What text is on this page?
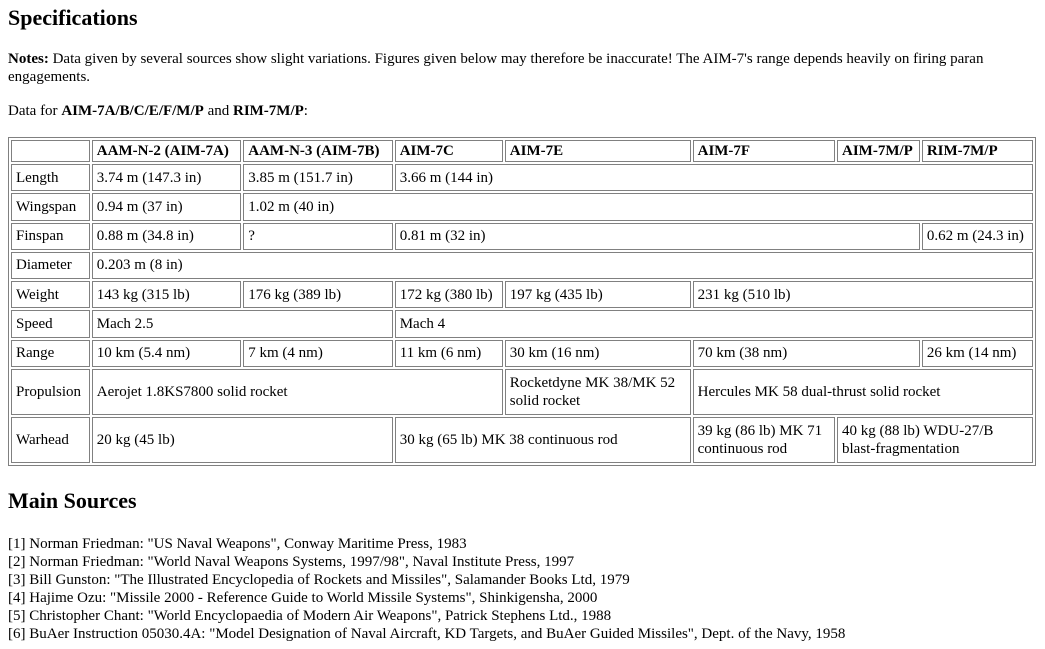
Specifications

Notes: Data given by several sources show slight variations. Figures given below may therefore be inaccurate! The AIM-7's range depends heavily on firing paran
engagements.

Data for AIM-7A/B/C/E/F/M/P and RIM-7M/P:

	AAM-N-2 (AIM-7A)	AAM-N-3 (AIM-7B)	AIM-7C	AIM-7E	AIM-7F	AIM-7M/P	RIM-7M/P
Length	3.74 m (147.3 in)	3.85 m (151.7 in)	3.66 m (144 in)				
Wingspan	0.94 m (37 in)	1.02 m (40 in)					
Finspan	0.88 m (34.8 in)	?	0.81 m (32 in)				0.62 m (24.3 in)
Diameter	0.203 m (8 in)						
Weight	143 kg (315 lb)	176 kg (389 lb)	172 kg (380 lb)	197 kg (435 lb)	231 kg (510 lb)		
Speed	Mach 2.5		Mach 4				
Range	10 km (5.4 nm)	7 km (4 nm)	11 km (6 nm)	30 km (16 nm)	70 km (38 nm)		26 km (14 nm)
Propulsion	Aerojet 1.8KS7800 solid rocket			Rocketdyne MK 38/MK 52 solid rocket	Hercules MK 58 dual-thrust solid rocket		
Warhead	20 kg (45 lb)		30 kg (65 lb) MK 38 continuous rod		39 kg (86 lb) MK 71 continuous rod	40 kg (88 lb) WDU-27/B blast-fragmentation	
Main Sources
[1] Norman Friedman: "US Naval Weapons", Conway Maritime Press, 1983
[2] Norman Friedman: "World Naval Weapons Systems, 1997/98", Naval Institute Press, 1997
[3] Bill Gunston: "The Illustrated Encyclopedia of Rockets and Missiles", Salamander Books Ltd, 1979
[4] Hajime Ozu: "Missile 2000 - Reference Guide to World Missile Systems", Shinkigensha, 2000
[5] Christopher Chant: "World Encyclopaedia of Modern Air Weapons", Patrick Stephens Ltd., 1988
[6] BuAer Instruction 05030.4A: "Model Designation of Naval Aircraft, KD Targets, and BuAer Guided Missiles", Dept. of the Navy, 1958
